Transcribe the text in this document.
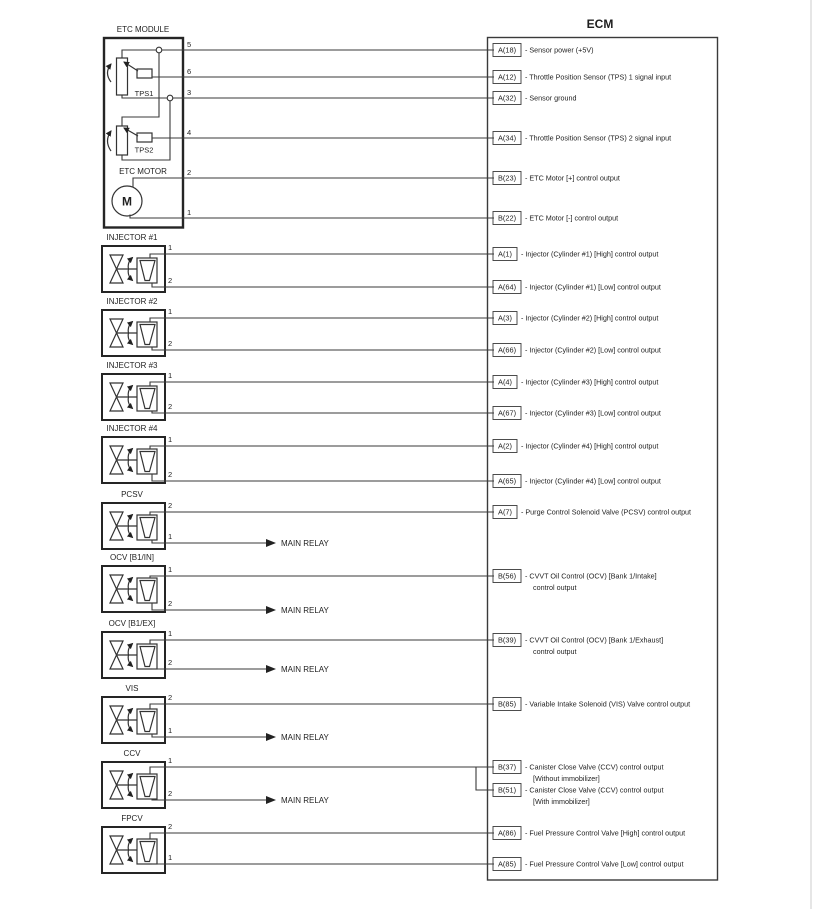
ECM
ETC MODULE
TPS1
TPS2
ETC MOTOR
M
5
6
3
4
2
1
INJECTOR #1
1
2
INJECTOR #2
1
2
INJECTOR #3
1
2
INJECTOR #4
1
2
PCSV
2
1
MAIN RELAY
OCV [B1/IN]
1
2
MAIN RELAY
OCV [B1/EX]
1
2
MAIN RELAY
VIS
2
1
MAIN RELAY
CCV
1
2
MAIN RELAY
FPCV
2
1
A(18) - Sensor power (+5V)
A(12) - Throttle Position Sensor (TPS) 1 signal input
A(32) - Sensor ground
A(34) - Throttle Position Sensor (TPS) 2 signal input
B(23) - ETC Motor [+] control output
B(22) - ETC Motor [-] control output
A(1) - Injector (Cylinder #1) [High] control output
A(64) - Injector (Cylinder #1) [Low] control output
A(3) - Injector (Cylinder #2) [High] control output
A(66) - Injector (Cylinder #2) [Low] control output
A(4) - Injector (Cylinder #3) [High] control output
A(67) - Injector (Cylinder #3) [Low] control output
A(2) - Injector (Cylinder #4) [High] control output
A(65) - Injector (Cylinder #4) [Low] control output
A(7) - Purge Control Solenoid Valve (PCSV) control output
B(56) - CVVT Oil Control (OCV) [Bank 1/Intake]
control output
B(39) - CVVT Oil Control (OCV) [Bank 1/Exhaust]
control output
B(85) - Variable Intake Solenoid (VIS) Valve control output
B(37) - Canister Close Valve (CCV) control output
[Without immobilizer]
B(51) - Canister Close Valve (CCV) control output
[With immobilizer]
A(86) - Fuel Pressure Control Valve [High] control output
A(85) - Fuel Pressure Control Valve [Low] control output
